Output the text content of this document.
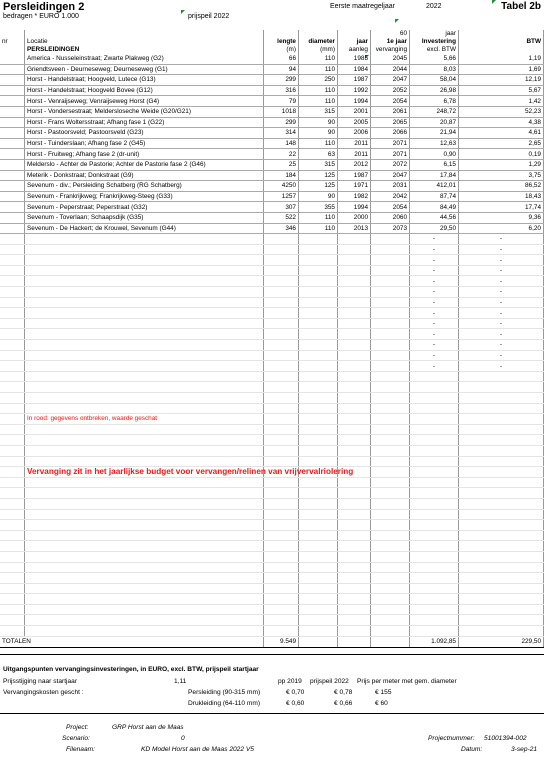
Persleidingen 2
bedragen * EURO 1.000	prijspeil 2022
Eerste maatregeljaar	2022	Tabel 2b
					60	jaar	
nr	Locatie	lengte	diameter	jaar	1e jaar	Investering	BTW
	PERSLEIDINGEN	(m)	(mm)	aanleg	vervanging	excl. BTW	
	America - Nusseleinstraat; Zwarte Plakweg (G2)	66	110	1985	2045	5,66	1,19
	Griendtsveen - Deurneseweg; Deurneseweg (G1)	94	110	1984	2044	8,03	1,69
	Horst - Handelstraat; Hoogveld, Lutece (G13)	299	250	1987	2047	58,04	12,19
	Horst - Handelstraat; Hoogveld Bovee (G12)	316	110	1992	2052	26,98	5,67
	Horst - Venraijseweg; Venraijseweg Horst (G4)	79	110	1994	2054	6,78	1,42
	Horst - Vondersestraat; Meldersloseche Weide (G20/G21)	1018	315	2001	2061	248,72	52,23
	Horst - Frans Woltersstraat; Afhang fase 1 (G22)	299	90	2005	2065	20,87	4,38
	Horst - Pastoorsveld; Pastoorsveld (G23)	314	90	2006	2066	21,94	4,61
	Horst - Tuinderslaan; Afhang fase 2 (G45)	148	110	2011	2071	12,63	2,65
	Horst - Fruitweg; Afhang fase 2 (dr-unit)	22	63	2011	2071	0,90	0,19
	Melderslo - Achter de Pastorie; Achter de Pastorie fase 2 (G46)	25	315	2012	2072	6,15	1,29
	Meterik - Donkstraat; Donkstraat (G9)	184	125	1987	2047	17,84	3,75
	Sevenum - div.; Persleiding Schatberg (RG Schatberg)	4250	125	1971	2031	412,01	86,52
	Sevenum - Frankrijkweg; Frankrijkweg-Steeg (G33)	1257	90	1982	2042	87,74	18,43
	Sevenum - Peperstraat; Peperstraat (G32)	307	355	1994	2054	84,49	17,74
	Sevenum - Toverlaan; Schaapsdijk (G35)	522	110	2000	2060	44,56	9,36
	Sevenum - De Hackert; de Krouwel, Sevenum (G44)	346	110	2013	2073	29,50	6,20
						-	-
						-	-
						-	-
						-	-
						-	-
						-	-
						-	-
						-	-
						-	-
						-	-
						-	-
						-	-
						-	-

	In rood: gegevens ontbreken, waarde geschat						

	Vervanging zit in het jaarlijkse budget voor vervangen/relinen van vrijvervalriolering						

TOTALEN		9.549				1.092,85	229,50
Uitgangspunten vervangingsinvesteringen, in EURO, excl. BTW, prijspeil startjaar
Prijsstijging naar startjaar	1,11	pp 2019 prijspeil 2022 Prijs per meter met gem. diameter
Vervangingskosten gescht :	Persleiding (90-315 mm)	€ 0,70	€ 0,78	€ 155
Drukleiding (64-110 mm)	€ 0,60	€ 0,66	€ 60
Project:	GRP Horst aan de Maas
Scenario:	0	Projectnummer: 51001394-002
Filenaam:	KD Model Horst aan de Maas 2022 V5	Datum:	3-sep-21
